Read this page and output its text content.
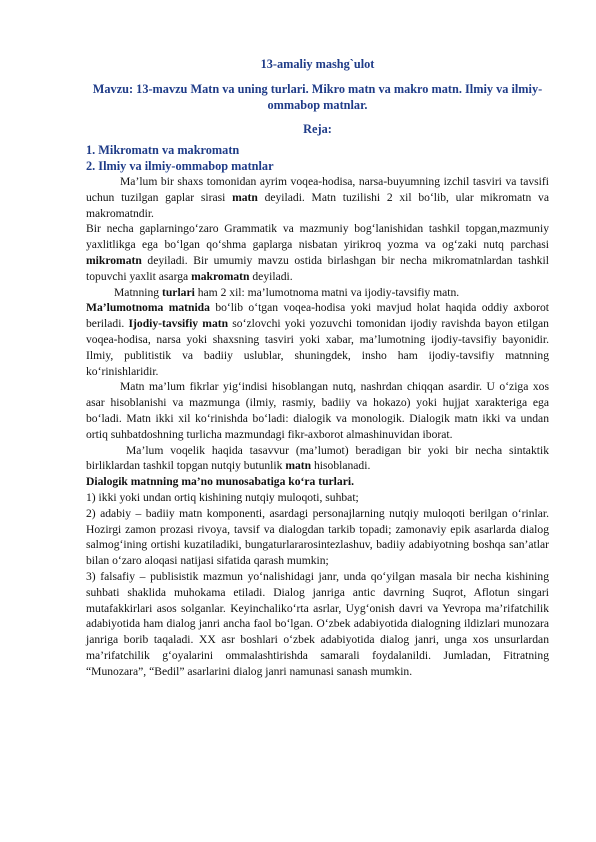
13-amaliy mashg`ulot
Mavzu: 13-mavzu Matn va uning turlari. Mikro matn va makro matn. Ilmiy va ilmiy-ommabop matnlar.
Reja:
1. Mikromatn va makromatn
2. Ilmiy va ilmiy-ommabop matnlar

Ma’lum bir shaxs tomonidan ayrim voqea-hodisa, narsa-buyumning izchil tasviri va tavsifi uchun tuzilgan gaplar sirasi matn deyiladi. Matn tuzilishi 2 xil bo‘lib, ular mikromatn va makromatndir.

Bir necha gaplarningo‘zaro Grammatik va mazmuniy bog‘lanishidan tashkil topgan,mazmuniy yaxlitlikga ega bo‘lgan qo‘shma gaplarga nisbatan yirikroq yozma va og‘zaki nutq parchasi mikromatn deyiladi. Bir umumiy mavzu ostida birlashgan bir necha mikromatnlardan tashkil topuvchi yaxlit asarga makromatn deyiladi.

Matnning turlari ham 2 xil: ma’lumotnoma matni va ijodiy-tavsifiy matn.

Ma’lumotnoma matnida bo‘lib o‘tgan voqea-hodisa yoki mavjud holat haqida oddiy axborot beriladi. Ijodiy-tavsifiy matn so‘zlovchi yoki yozuvchi tomonidan ijodiy ravishda bayon etilgan voqea-hodisa, narsa yoki shaxsning tasviri yoki xabar, ma’lumotning ijodiy-tavsifiy bayonidir. Ilmiy, publitistik va badiiy uslublar, shuningdek, insho ham ijodiy-tavsifiy matnning ko‘rinishlaridir.

Matn ma’lum fikrlar yig‘indisi hisoblangan nutq, nashrdan chiqqan asardir. U o‘ziga xos asar hisoblanishi va mazmunga (ilmiy, rasmiy, badiiy va hokazo) yoki hujjat xarakteriga ega bo‘ladi. Matn ikki xil ko‘rinishda bo‘ladi: dialogik va monologik. Dialogik matn ikki va undan ortiq suhbatdoshning turlicha mazmundagi fikr-axborot almashinuvidan iborat.

Ma’lum voqelik haqida tasavvur (ma’lumot) beradigan bir yoki bir necha sintaktik birliklardan tashkil topgan nutqiy butunlik matn hisoblanadi.

Dialogik matnning ma’no munosabatiga ko‘ra turlari.

1) ikki yoki undan ortiq kishining nutqiy muloqoti, suhbat;

2) adabiy – badiiy matn komponenti, asardagi personajlarning nutqiy muloqoti berilgan o‘rinlar. Hozirgi zamon prozasi rivoya, tavsif va dialogdan tarkib topadi; zamonaviy epik asarlarda dialog salmog‘ining ortishi kuzatiladiki, bungaturlararosintezlashuv, badiiy adabiyotning boshqa san’atlar bilan o‘zaro aloqasi natijasi sifatida qarash mumkin;

3) falsafiy – publisistik mazmun yo‘nalishidagi janr, unda qo‘yilgan masala bir necha kishining suhbati shaklida muhokama etiladi. Dialog janriga antic davrning Suqrot, Aflotun singari mutafakkirlari asos solganlar. Keyinchaliko‘rta asrlar, Uyg‘onish davri va Yevropa ma’rifatchilik adabiyotida ham dialog janri ancha faol bo‘lgan. O‘zbek adabiyotida dialogning ildizlari munozara janriga borib taqaladi. XX asr boshlari o‘zbek adabiyotida dialog janri, unga xos unsurlardan ma’rifatchilik g‘oyalarini ommalashtirishda samarali foydalanildi. Jumladan, Fitratning “Munozara”, “Bedil” asarlarini dialog janri namunasi sanash mumkin.
